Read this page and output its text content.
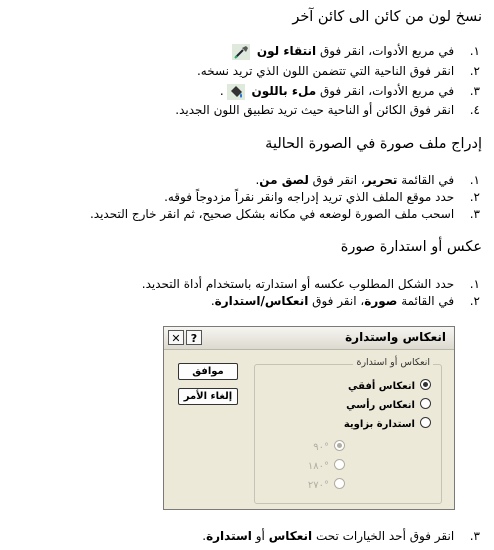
نسخ لون من كائن الى كائن آخر
١. في مربع الأدوات، انقر فوق انتقاء لون
٢. انقر فوق الناحية التي تتضمن اللون الذي تريد نسخه.
٣. في مربع الأدوات، انقر فوق ملء باللون .
٤. انقر فوق الكائن أو الناحية حيث تريد تطبيق اللون الجديد.
إدراج ملف صورة في الصورة الحالية
١. في القائمة تحرير، انقر فوق لصق من.
٢. حدد موقع الملف الذي تريد إدراجه وانقر نقراً مزدوجاً فوقه.
٣. اسحب ملف الصورة لوضعه في مكانه بشكل صحيح، ثم انقر خارج التحديد.
عكس أو استدارة صورة
١. حدد الشكل المطلوب عكسه أو استدارته باستخدام أداة التحديد.
٢. في القائمة صورة، انقر فوق انعكاس/استدارة.
٣. انقر فوق أحد الخيارات تحت انعكاس أو استدارة.
✕ ?	انعكاس واستدارة
موافق
إلغاء الأمر
انعكاس أو استدارة
انعكاس أفقي
انعكاس رأسي
استدارة بزاوية
°٩٠
°١٨٠
°٢٧٠
